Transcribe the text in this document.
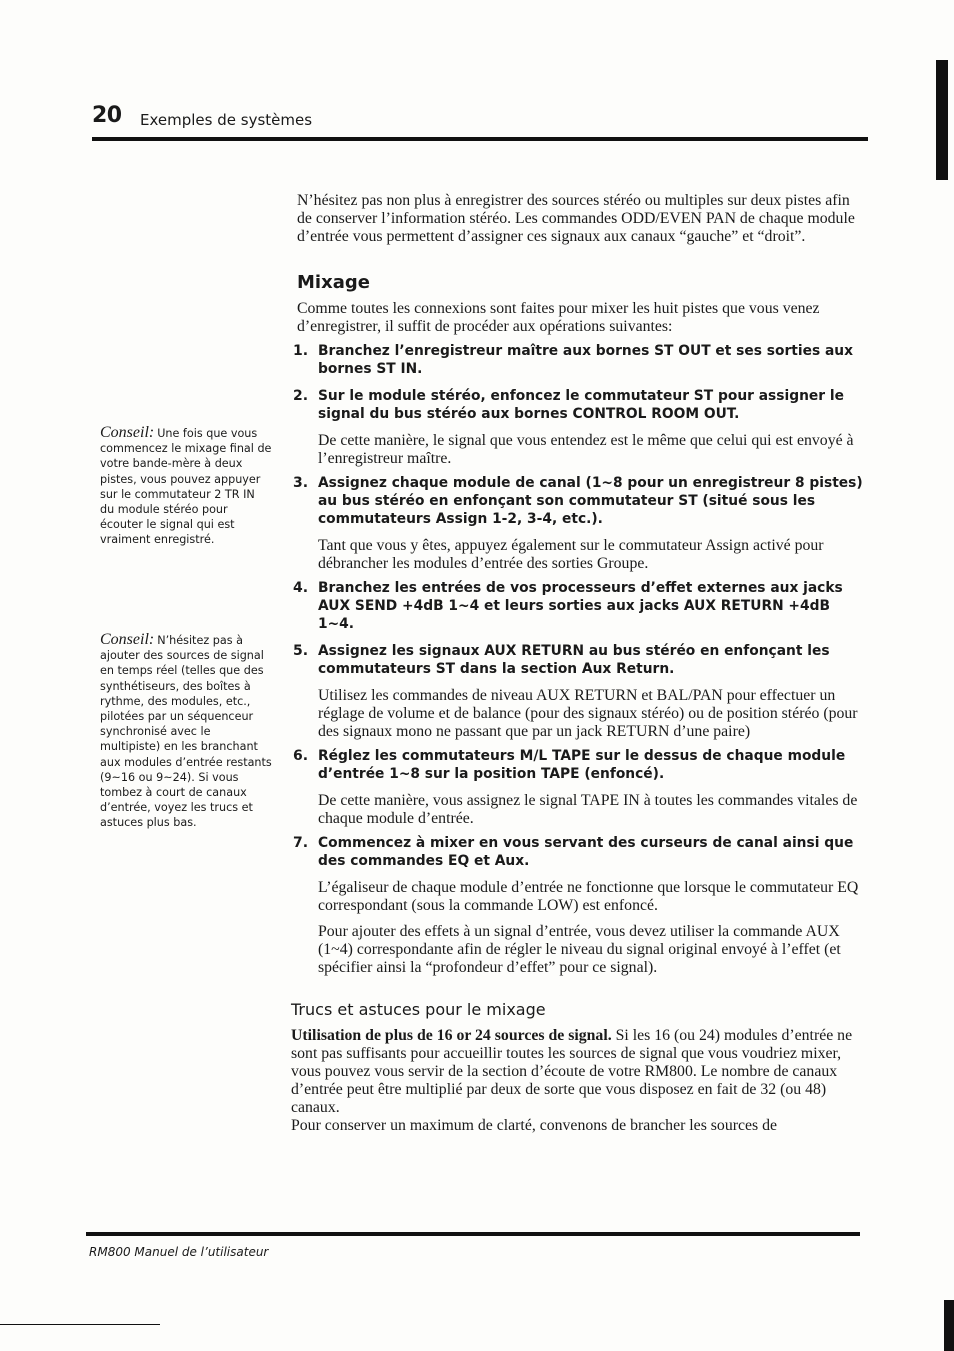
20 Exemples de systèmes
Conseil: Une fois que vous commencez le mixage final de votre bande-mère à deux pistes, vous pouvez appuyer sur le commutateur 2 TR IN du module stéréo pour écouter le signal qui est vraiment enregistré.
Conseil: N’hésitez pas à ajouter des sources de signal en temps réel (telles que des synthétiseurs, des boîtes à rythme, des modules, etc., pilotées par un séquenceur synchronisé avec le multipiste) en les branchant aux modules d’entrée restants (9~16 ou 9~24). Si vous tombez à court de canaux d’entrée, voyez les trucs et astuces plus bas.

N’hésitez pas non plus à enregistrer des sources stéréo ou multiples sur deux pistes afin de conserver l’information stéréo. Les commandes ODD/EVEN PAN de chaque module d’entrée vous permettent d’assigner ces signaux aux canaux “gauche” et “droit”.

Mixage

Comme toutes les connexions sont faites pour mixer les huit pistes que vous venez d’enregistrer, il suffit de procéder aux opérations suivantes:

1. Branchez l’enregistreur maître aux bornes ST OUT et ses sorties aux bornes ST IN.
2. Sur le module stéréo, enfoncez le commutateur ST pour assigner le signal du bus stéréo aux bornes CONTROL ROOM OUT.

De cette manière, le signal que vous entendez est le même que celui qui est envoyé à l’enregistreur maître.

3. Assignez chaque module de canal (1~8 pour un enregistreur 8 pistes) au bus stéréo en enfonçant son commutateur ST (situé sous les commutateurs Assign 1-2, 3-4, etc.).

Tant que vous y êtes, appuyez également sur le commutateur Assign activé pour débrancher les modules d’entrée des sorties Groupe.

4. Branchez les entrées de vos processeurs d’effet externes aux jacks AUX SEND +4dB 1~4 et leurs sorties aux jacks AUX RETURN +4dB 1~4.
5. Assignez les signaux AUX RETURN au bus stéréo en enfonçant les commutateurs ST dans la section Aux Return.

Utilisez les commandes de niveau AUX RETURN et BAL/PAN pour effectuer un réglage de volume et de balance (pour des signaux stéréo) ou de position stéréo (pour des signaux mono ne passant que par un jack RETURN d’une paire)

6. Réglez les commutateurs M/L TAPE sur le dessus de chaque module d’entrée 1~8 sur la position TAPE (enfoncé).

De cette manière, vous assignez le signal TAPE IN à toutes les commandes vitales de chaque module d’entrée.

7. Commencez à mixer en vous servant des curseurs de canal ainsi que des commandes EQ et Aux.

L’égaliseur de chaque module d’entrée ne fonctionne que lorsque le commutateur EQ correspondant (sous la commande LOW) est enfoncé.

Pour ajouter des effets à un signal d’entrée, vous devez utiliser la commande AUX (1~4) correspondante afin de régler le niveau du signal original envoyé à l’effet (et spécifier ainsi la “profondeur d’effet” pour ce signal).

Trucs et astuces pour le mixage

Utilisation de plus de 16 or 24 sources de signal. Si les 16 (ou 24) modules d’entrée ne sont pas suffisants pour accueillir toutes les sources de signal que vous voudriez mixer, vous pouvez vous servir de la section d’écoute de votre RM800. Le nombre de canaux d’entrée peut être multiplié par deux de sorte que vous disposez en fait de 32 (ou 48) canaux.

Pour conserver un maximum de clarté, convenons de brancher les sources de

RM800 Manuel de l’utilisateur
